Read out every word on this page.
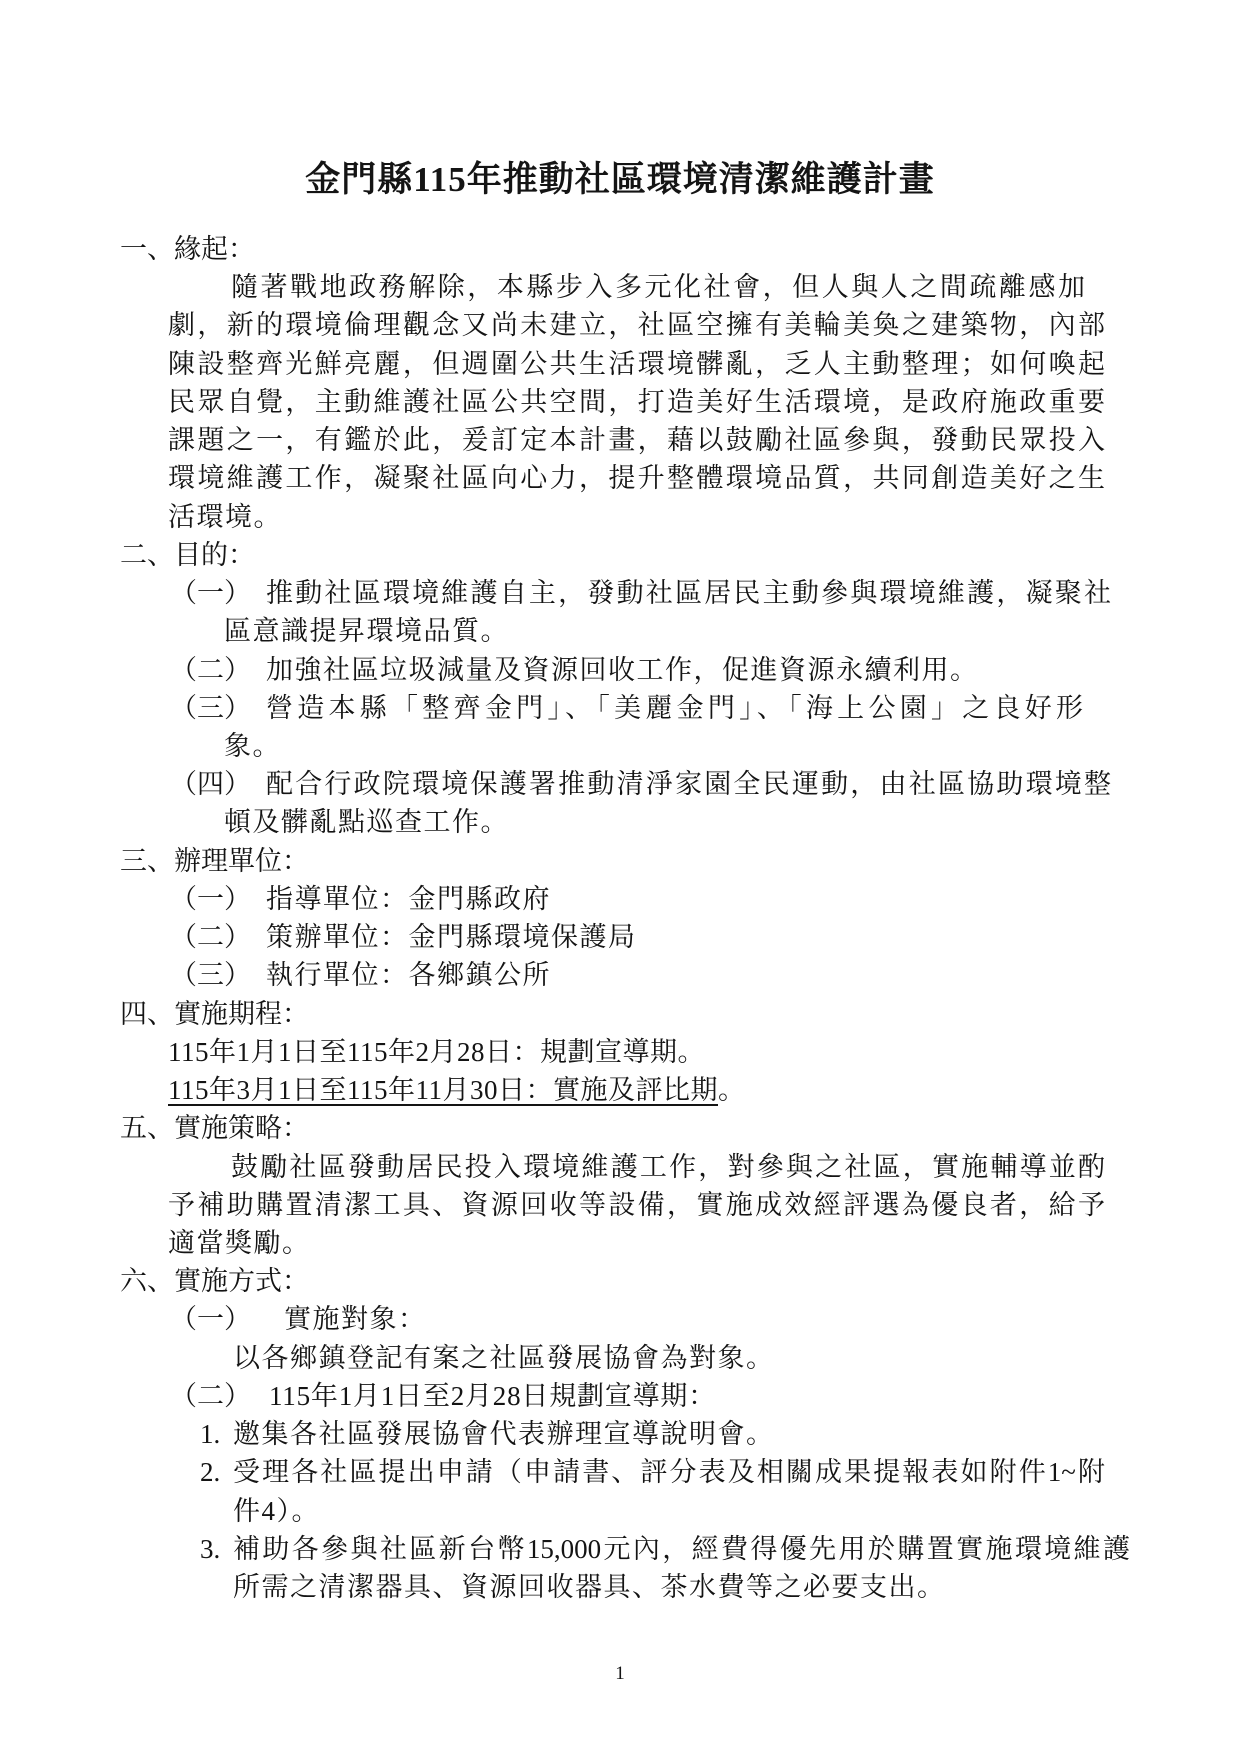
金門縣115年推動社區環境清潔維護計畫
一、緣起：
隨著戰地政務解除，本縣步入多元化社會，但人與人之間疏離感加
劇，新的環境倫理觀念又尚未建立，社區空擁有美輪美奐之建築物，內部
陳設整齊光鮮亮麗，但週圍公共生活環境髒亂，乏人主動整理；如何喚起
民眾自覺，主動維護社區公共空間，打造美好生活環境，是政府施政重要
課題之一，有鑑於此，爰訂定本計畫，藉以鼓勵社區參與，發動民眾投入
環境維護工作，凝聚社區向心力，提升整體環境品質，共同創造美好之生
活環境。
二、目的：
（一） 推動社區環境維護自主，發動社區居民主動參與環境維護，凝聚社
區意識提昇環境品質。
（二） 加強社區垃圾減量及資源回收工作，促進資源永續利用。
（三） 營造本縣「整齊金門」、「美麗金門」、「海上公園」之良好形
象。
（四） 配合行政院環境保護署推動清淨家園全民運動，由社區協助環境整
頓及髒亂點巡查工作。
三、辦理單位：
（一） 指導單位：金門縣政府
（二） 策辦單位：金門縣環境保護局
（三） 執行單位：各鄉鎮公所
四、實施期程：
115年1月1日至115年2月28日：規劃宣導期。
115年3月1日至115年11月30日：實施及評比期。
五、實施策略：
鼓勵社區發動居民投入環境維護工作，對參與之社區，實施輔導並酌
予補助購置清潔工具、資源回收等設備，實施成效經評選為優良者，給予
適當獎勵。
六、實施方式：
（一） 實施對象：
以各鄉鎮登記有案之社區發展協會為對象。
（二） 115年1月1日至2月28日規劃宣導期：
1. 邀集各社區發展協會代表辦理宣導說明會。
2. 受理各社區提出申請（申請書、評分表及相關成果提報表如附件1~附
件4）。
3. 補助各參與社區新台幣15,000元內，經費得優先用於購置實施環境維護
所需之清潔器具、資源回收器具、茶水費等之必要支出。
1
